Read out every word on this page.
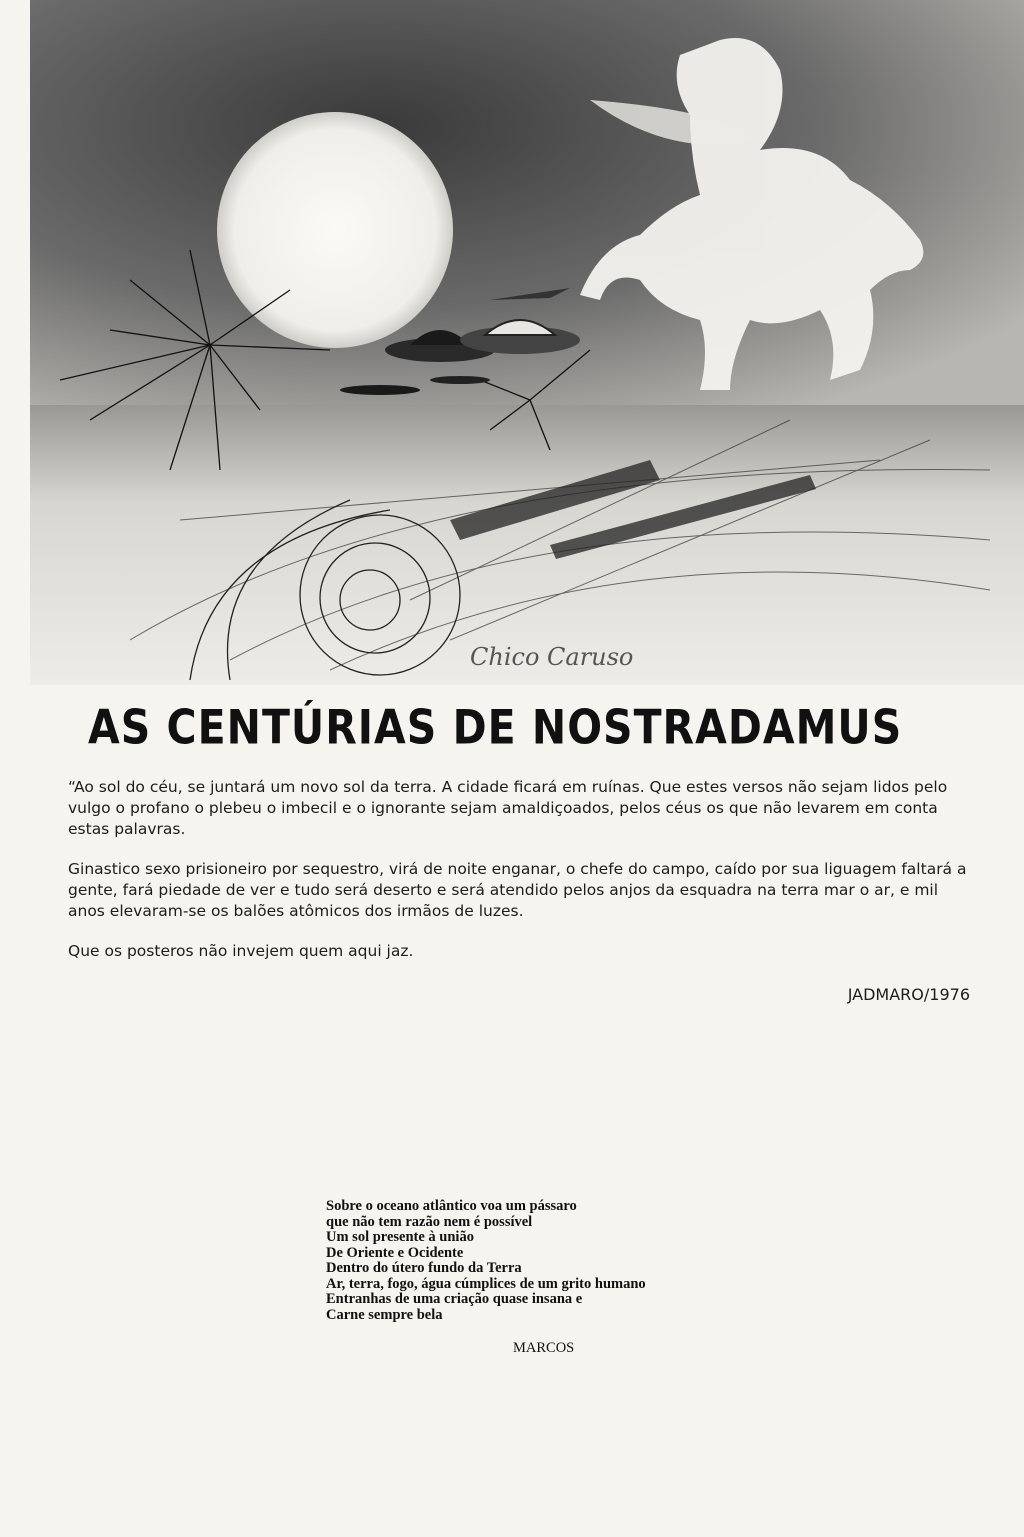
Chico Caruso
AS CENTÚRIAS DE NOSTRADAMUS
“Ao sol do céu, se juntará um novo sol da terra. A cidade ficará em ruínas. Que estes versos não sejam lidos pelo vulgo o profano o plebeu o imbecil e o ignorante sejam amaldiçoados, pelos céus os que não levarem em conta estas palavras.
Ginastico sexo prisioneiro por sequestro, virá de noite enganar, o chefe do campo, caído por sua liguagem faltará a gente, fará piedade de ver e tudo será deserto e será atendido pelos anjos da esquadra na terra mar o ar, e mil anos elevaram-se os balões atômicos dos irmãos de luzes.
Que os posteros não invejem quem aqui jaz.
JADMARO/1976
Sobre o oceano atlântico voa um pássaro
que não tem razão nem é possível
Um sol presente à união
De Oriente e Ocidente
Dentro do útero fundo da Terra
Ar, terra, fogo, água cúmplices de um grito humano
Entranhas de uma criação quase insana e
Carne sempre bela
MARCOS
